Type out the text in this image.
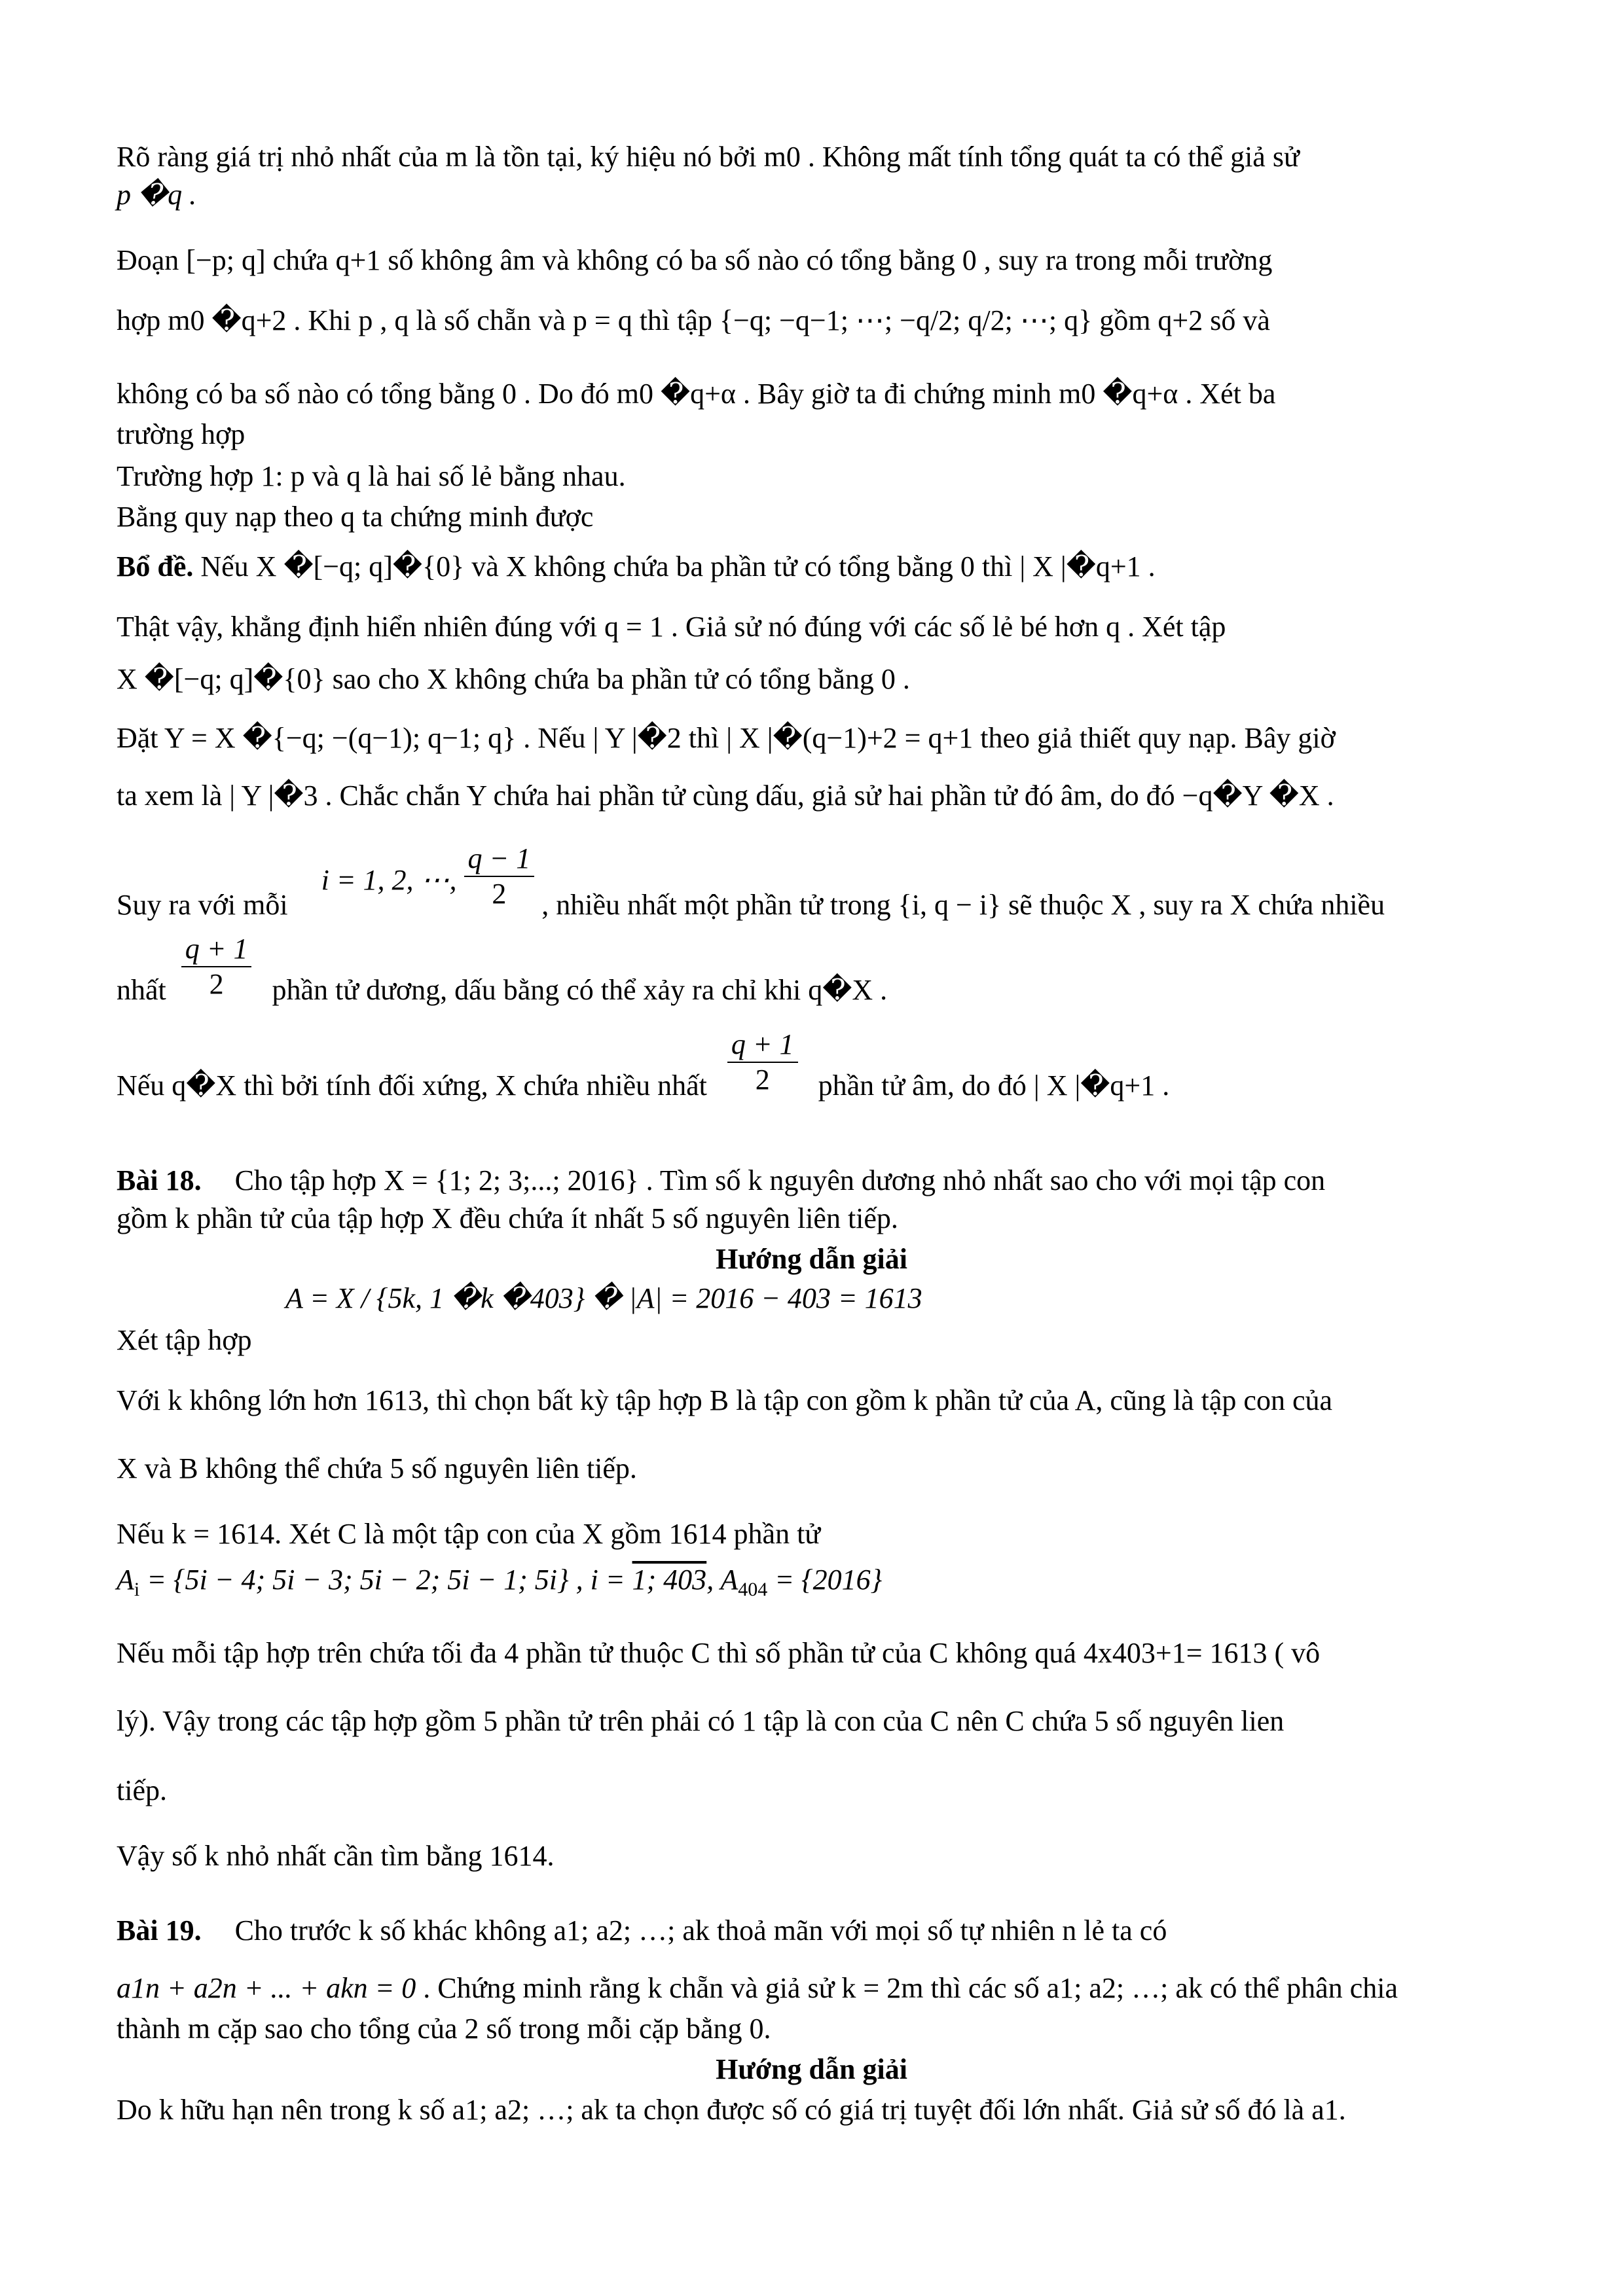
Rõ ràng giá trị nhỏ nhất của m là tồn tại, ký hiệu nó bởi m0 . Không mất tính tổng quát ta có thể giả sử
p �q .
Đoạn [−p; q] chứa q+1 số không âm và không có ba số nào có tổng bằng 0 , suy ra trong mỗi trường
hợp m0 �q+2 . Khi p , q là số chẵn và p = q thì tập {−q; −q−1; ⋯; −q/2; q/2; ⋯; q} gồm q+2 số và
không có ba số nào có tổng bằng 0 . Do đó m0 �q+α . Bây giờ ta đi chứng minh m0 �q+α . Xét ba
trường hợp
Trường hợp 1: p và q là hai số lẻ bằng nhau.
Bằng quy nạp theo q ta chứng minh được
Bổ đề. Nếu X �[−q; q]�{0} và X không chứa ba phần tử có tổng bằng 0 thì | X |�q+1 .
Thật vậy, khẳng định hiển nhiên đúng với q = 1 . Giả sử nó đúng với các số lẻ bé hơn q . Xét tập
X �[−q; q]�{0} sao cho X không chứa ba phần tử có tổng bằng 0 .
Đặt Y = X �{−q; −(q−1); q−1; q} . Nếu | Y |�2 thì | X |�(q−1)+2 = q+1 theo giả thiết quy nạp. Bây giờ
ta xem là | Y |�3 . Chắc chắn Y chứa hai phần tử cùng dấu, giả sử hai phần tử đó âm, do đó −q�Y �X .
Suy ra với mỗi i = 1, 2, ⋯, $\frac{q - 1}{2}$ , nhiều nhất một phần tử trong {i, q − i} sẽ thuộc X , suy ra X chứa nhiều
nhất $\frac{q + 1}{2}$ phần tử dương, dấu bằng có thể xảy ra chỉ khi q�X .
Nếu q�X thì bởi tính đối xứng, X chứa nhiều nhất $\frac{q + 1}{2}$ phần tử âm, do đó | X |�q+1 .
Bài 18. Cho tập hợp X = {1; 2; 3;...; 2016} . Tìm số k nguyên dương nhỏ nhất sao cho với mọi tập con
gồm k phần tử của tập hợp X đều chứa ít nhất 5 số nguyên liên tiếp.
Hướng dẫn giải
A = X / {5k, 1 �k �403} � |A| = 2016 − 403 = 1613
Xét tập hợp
Với k không lớn hơn 1613, thì chọn bất kỳ tập hợp B là tập con gồm k phần tử của A, cũng là tập con của
X và B không thể chứa 5 số nguyên liên tiếp.
Nếu k = 1614. Xét C là một tập con của X gồm 1614 phần tử
$A_i = \{5i - 4$; 5i − 3; 5i − 2; 5i − 1; 5i} , i = 1; 403, $A_{404} = \{2016\}$
Nếu mỗi tập hợp trên chứa tối đa 4 phần tử thuộc C thì số phần tử của C không quá 4x403+1= 1613 ( vô
lý). Vậy trong các tập hợp gồm 5 phần tử trên phải có 1 tập là con của C nên C chứa 5 số nguyên lien
tiếp.
Vậy số k nhỏ nhất cần tìm bằng 1614.
Bài 19. Cho trước k số khác không a1; a2; …; ak thoả mãn với mọi số tự nhiên n lẻ ta có
a1n + a2n + ... + akn = 0 . Chứng minh rằng k chẵn và giả sử k = 2m thì các số a1; a2; …; ak có thể phân chia
thành m cặp sao cho tổng của 2 số trong mỗi cặp bằng 0.
Hướng dẫn giải
Do k hữu hạn nên trong k số a1; a2; …; ak ta chọn được số có giá trị tuyệt đối lớn nhất. Giả sử số đó là a1.
